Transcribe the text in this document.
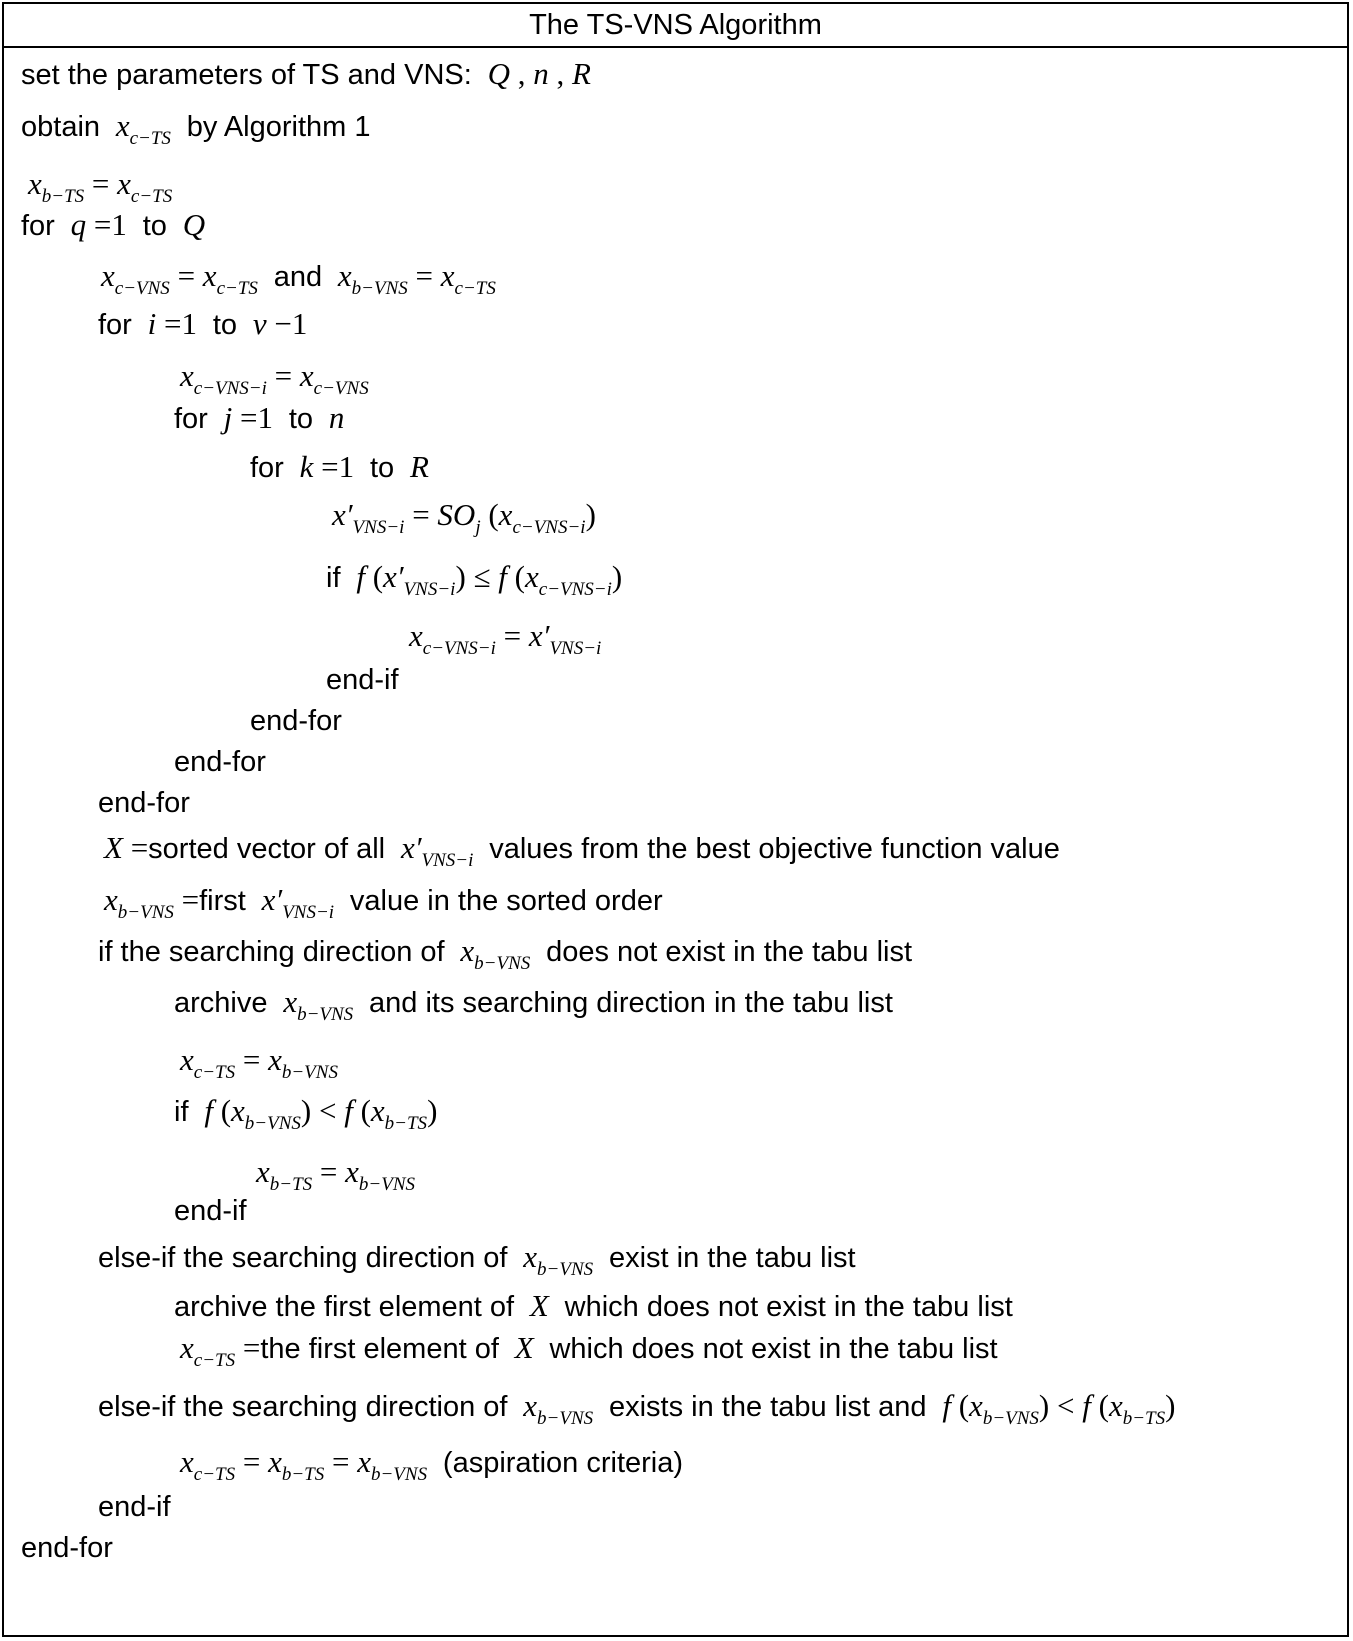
The TS-VNS Algorithm
set the parameters of TS and VNS:  Q , n , R
obtain  $x_{c-TS}$ by Algorithm 1
$x_{b-TS} = x_{c-TS}$
for  q =1 to  Q
$x_{c-VNS} = x_{c-TS}$ and  $x_{b-VNS} = x_{c-TS}$
for  i =1 to  v −1
$x_{c-VNS-i} = x_{c-VNS}$
for  j =1 to  n
for  k =1 to  R
$x'_{VNS-i} = SO_j$ $(x_{c-VNS-i})$
if  f $(x'_{VNS-i}) \le f$ $(x_{c-VNS-i})$
$x_{c-VNS-i} = x'_{VNS-i}$
end-if
end-for
end-for
end-for
X =sorted vector of all  $x'_{VNS-i}$ values from the best objective function value
$x_{b-VNS}$ =first  $x'_{VNS-i}$ value in the sorted order
if the searching direction of  $x_{b-VNS}$ does not exist in the tabu list
archive  $x_{b-VNS}$ and its searching direction in the tabu list
$x_{c-TS} = x_{b-VNS}$
if  f $(x_{b-VNS}) < f$ $(x_{b-TS})$
$x_{b-TS} = x_{b-VNS}$
end-if
else-if the searching direction of  $x_{b-VNS}$ exist in the tabu list
archive the first element of  X  which does not exist in the tabu list
$x_{c-TS} =the$ first element of  X  which does not exist in the tabu list
else-if the searching direction of  $x_{b-VNS}$ exists in the tabu list and  f $(x_{b-VNS}) < f$ $(x_{b-TS})$
$x_{c-TS} = x_{b-TS} = x_{b-VNS}$ (aspiration criteria)
end-if
end-for
